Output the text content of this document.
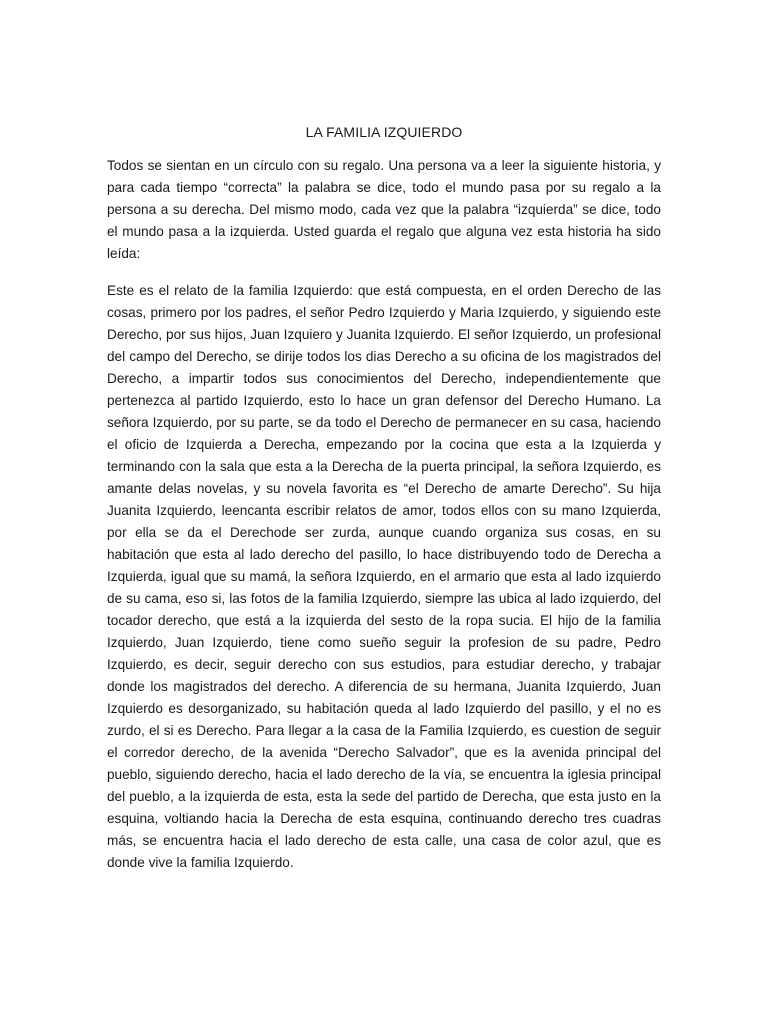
LA FAMILIA IZQUIERDO

Todos se sientan en un círculo con su regalo. Una persona va a leer la siguiente historia, y para cada tiempo “correcta” la palabra se dice, todo el mundo pasa por su regalo a la persona a su derecha. Del mismo modo, cada vez que la palabra “izquierda” se dice, todo el mundo pasa a la izquierda. Usted guarda el regalo que alguna vez esta historia ha sido leída:

Este es el relato de la familia Izquierdo: que está compuesta, en el orden Derecho de las cosas, primero por los padres, el señor Pedro Izquierdo y Maria Izquierdo, y siguiendo este Derecho, por sus hijos, Juan Izquiero y Juanita Izquierdo. El señor Izquierdo, un profesional del campo del Derecho, se dirije todos los dias Derecho a su oficina de los magistrados del Derecho, a impartir todos sus conocimientos del Derecho, independientemente que pertenezca al partido Izquierdo, esto lo hace un gran defensor del Derecho Humano. La señora Izquierdo, por su parte, se da todo el Derecho de permanecer en su casa, haciendo el oficio de Izquierda a Derecha, empezando por la cocina que esta a la Izquierda y terminando con la sala que esta a la Derecha de la puerta principal, la señora Izquierdo, es amante delas novelas, y su novela favorita es “el Derecho de amarte Derecho”. Su hija Juanita Izquierdo, leencanta escribir relatos de amor, todos ellos con su mano Izquierda, por ella se da el Derechode ser zurda, aunque cuando organiza sus cosas, en su habitación que esta al lado derecho del pasillo, lo hace distribuyendo todo de Derecha a Izquierda, igual que su mamá, la señora Izquierdo, en el armario que esta al lado izquierdo de su cama, eso si, las fotos de la familia Izquierdo, siempre las ubica al lado izquierdo, del tocador derecho, que está a la izquierda del sesto de la ropa sucia. El hijo de la familia Izquierdo, Juan Izquierdo, tiene como sueño seguir la profesion de su padre, Pedro Izquierdo, es decir, seguir derecho con sus estudios, para estudiar derecho, y trabajar donde los magistrados del derecho. A diferencia de su hermana, Juanita Izquierdo, Juan Izquierdo es desorganizado, su habitación queda al lado Izquierdo del pasillo, y el no es zurdo, el si es Derecho. Para llegar a la casa de la Familia Izquierdo, es cuestion de seguir el corredor derecho, de la avenida “Derecho Salvador”, que es la avenida principal del pueblo, siguiendo derecho, hacia el lado derecho de la vía, se encuentra la iglesia principal del pueblo, a la izquierda de esta, esta la sede del partido de Derecha, que esta justo en la esquina, voltiando hacia la Derecha de esta esquina, continuando derecho tres cuadras más, se encuentra hacia el lado derecho de esta calle, una casa de color azul, que es donde vive la familia Izquierdo.
